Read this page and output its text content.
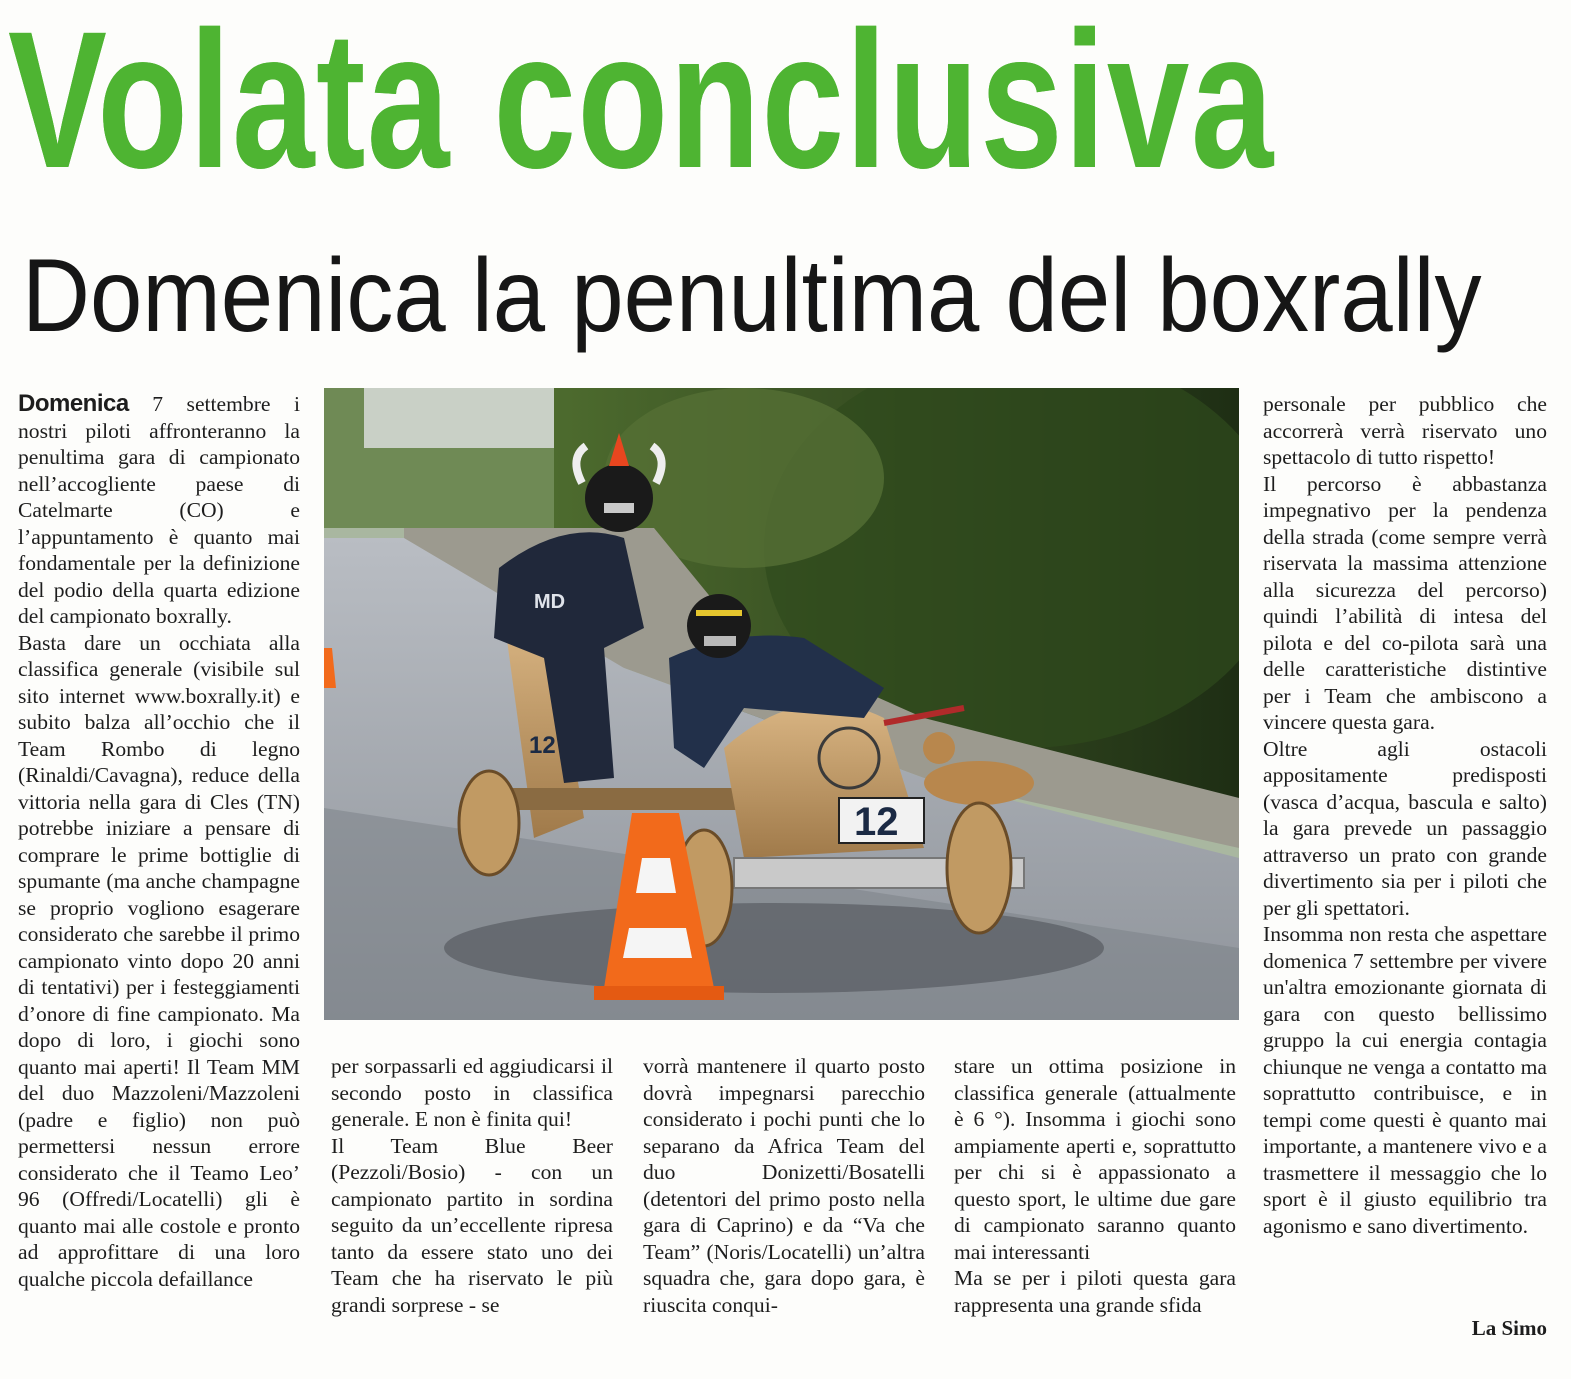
Volata conclusiva
Domenica la penultima del boxrally

Domenica 7 settembre i nostri piloti affronteranno la penultima gara di campionato nell’accogliente paese di Catelmarte (CO) e l’appuntamento è quanto mai fondamentale per la definizione del podio della quarta edizione del campionato boxrally.

Basta dare un occhiata alla classifica generale (visibile sul sito internet www.boxrally.it) e subito balza all’occhio che il Team Rombo di legno (Rinaldi/Cavagna), reduce della vittoria nella gara di Cles (TN) potrebbe iniziare a pensare di comprare le prime bottiglie di spumante (ma anche champagne se proprio vogliono esagerare considerato che sarebbe il primo campionato vinto dopo 20 anni di tentativi) per i festeggiamenti d’onore di fine campionato. Ma dopo di loro, i giochi sono quanto mai aperti! Il Team MM del duo Mazzoleni/Mazzoleni (padre e figlio) non può permettersi nessun errore considerato che il Teamo Leo’ 96 (Offredi/Locatelli) gli è quanto mai alle costole e pronto ad approfittare di una loro qualche piccola defaillance

12
12
MD

per sorpassarli ed aggiudicarsi il secondo posto in classifica generale. E non è finita qui!

Il Team Blue Beer (Pezzoli/Bosio) - con un campionato partito in sordina seguito da un’eccellente ripresa tanto da essere stato uno dei Team che ha riservato le più grandi sorprese - se

vorrà mantenere il quarto posto dovrà impegnarsi parecchio considerato i pochi punti che lo separano da Africa Team del duo Donizetti/Bosatelli (detentori del primo posto nella gara di Caprino) e da “Va che Team” (Noris/Locatelli) un’altra squadra che, gara dopo gara, è riuscita conqui-

stare un ottima posizione in classifica generale (attualmente è 6 °). Insomma i giochi sono ampiamente aperti e, soprattutto per chi si è appassionato a questo sport, le ultime due gare di campionato saranno quanto mai interessanti

Ma se per i piloti questa gara rappresenta una grande sfida

personale per pubblico che accorrerà verrà riservato uno spettacolo di tutto rispetto!

Il percorso è abbastanza impegnativo per la pendenza della strada (come sempre verrà riservata la massima attenzione alla sicurezza del percorso) quindi l’abilità di intesa del pilota e del co-pilota sarà una delle caratteristiche distintive per i Team che ambiscono a vincere questa gara.

Oltre agli ostacoli appositamente predisposti (vasca d’acqua, bascula e salto) la gara prevede un passaggio attraverso un prato con grande divertimento sia per i piloti che per gli spettatori.

Insomma non resta che aspettare domenica 7 settembre per vivere un'altra emozionante giornata di gara con questo bellissimo gruppo la cui energia contagia chiunque ne venga a contatto ma soprattutto contribuisce, e in tempi come questi è quanto mai importante, a mantenere vivo e a trasmettere il messaggio che lo sport è il giusto equilibrio tra agonismo e sano divertimento.

La Simo
